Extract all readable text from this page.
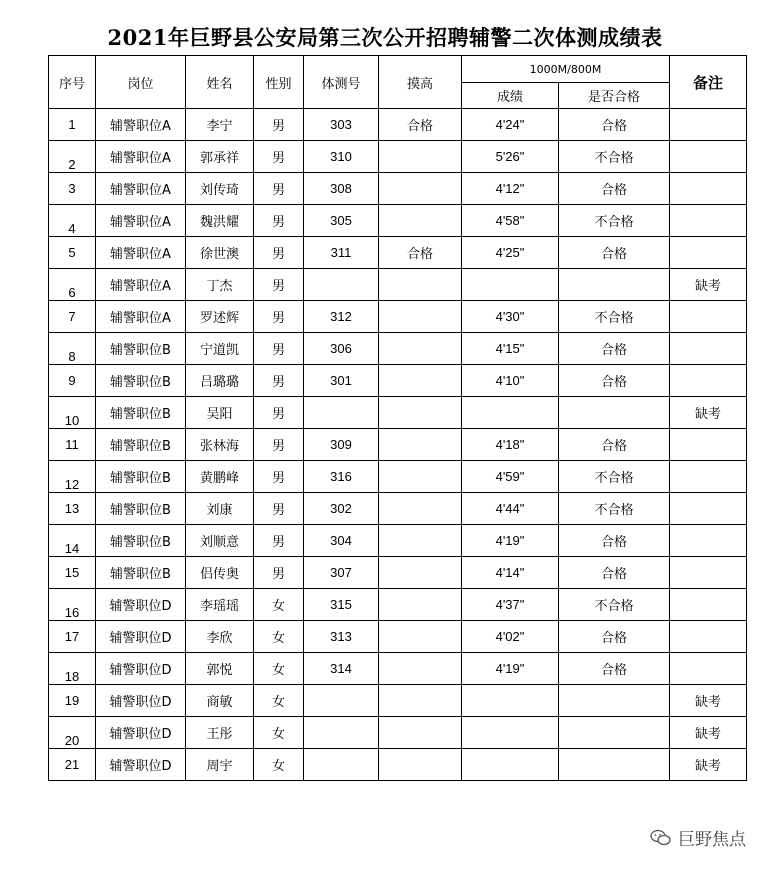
2021年巨野县公安局第三次公开招聘辅警二次体测成绩表
序号	岗位	姓名	性别	体测号	摸高	1000M/800M		备注
						成绩	是否合格	
1	辅警职位A	李宁	男	303	合格	4'24"	合格	
2	辅警职位A	郭承祥	男	310		5'26"	不合格	
3	辅警职位A	刘传琦	男	308		4'12"	合格	
4	辅警职位A	魏洪耀	男	305		4'58"	不合格	
5	辅警职位A	徐世澳	男	311	合格	4'25"	合格	
6	辅警职位A	丁杰	男					缺考
7	辅警职位A	罗述辉	男	312		4'30"	不合格	
8	辅警职位B	宁道凯	男	306		4'15"	合格	
9	辅警职位B	吕璐璐	男	301		4'10"	合格	
10	辅警职位B	吴阳	男					缺考
11	辅警职位B	张林海	男	309		4'18"	合格	
12	辅警职位B	黄鹏峰	男	316		4'59"	不合格	
13	辅警职位B	刘康	男	302		4'44"	不合格	
14	辅警职位B	刘顺意	男	304		4'19"	合格	
15	辅警职位B	侣传奥	男	307		4'14"	合格	
16	辅警职位D	李瑶瑶	女	315		4'37"	不合格	
17	辅警职位D	李欣	女	313		4'02"	合格	
18	辅警职位D	郭悦	女	314		4'19"	合格	
19	辅警职位D	商敏	女					缺考
20	辅警职位D	王彤	女					缺考
21	辅警职位D	周宇	女					缺考
巨野焦点
